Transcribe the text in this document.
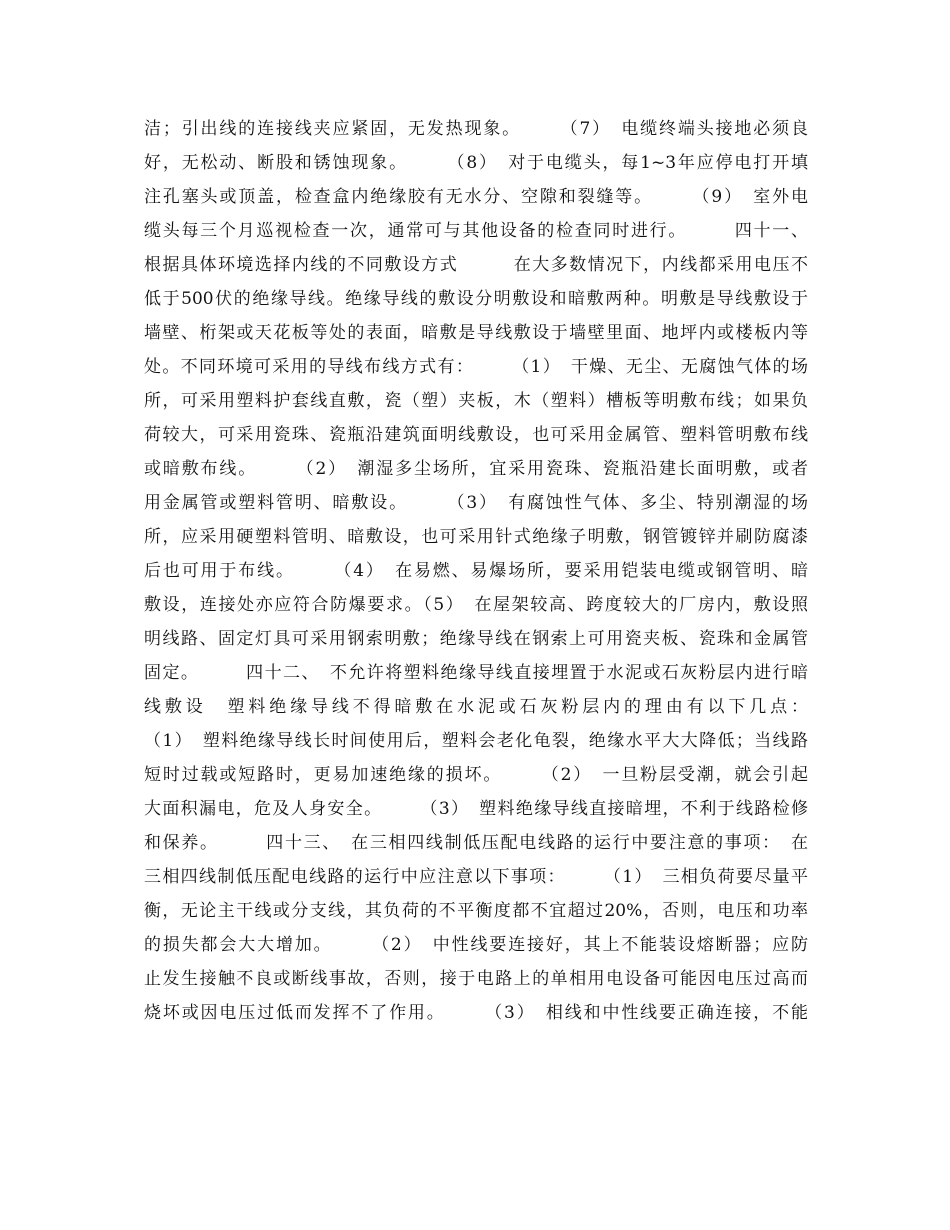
洁；引出线的连接线夹应紧固，无发热现象。　　　（7）　电缆终端头接地必须良
好，无松动、断股和锈蚀现象。　　　（8）　对于电缆头，每1~3年应停电打开填
注孔塞头或顶盖，检查盒内绝缘胶有无水分、空隙和裂缝等。　　　（9）　室外电
缆头每三个月巡视检查一次，通常可与其他设备的检查同时进行。　　　四十一、
根据具体环境选择内线的不同敷设方式　　　在大多数情况下，内线都采用电压不
低于500伏的绝缘导线。绝缘导线的敷设分明敷设和暗敷两种。明敷是导线敷设于
墙壁、桁架或天花板等处的表面，暗敷是导线敷设于墙壁里面、地坪内或楼板内等
处。不同环境可采用的导线布线方式有：　　　（1）　干燥、无尘、无腐蚀气体的场
所，可采用塑料护套线直敷，瓷（塑）夹板，木（塑料）槽板等明敷布线；如果负
荷较大，可采用瓷珠、瓷瓶沿建筑面明线敷设，也可采用金属管、塑料管明敷布线
或暗敷布线。　　　（2）　潮湿多尘场所，宜采用瓷珠、瓷瓶沿建长面明敷，或者
用金属管或塑料管明、暗敷设。　　　（3）　有腐蚀性气体、多尘、特别潮湿的场
所，应采用硬塑料管明、暗敷设，也可采用针式绝缘子明敷，钢管镀锌并刷防腐漆
后也可用于布线。　　　（4）　在易燃、易爆场所，要采用铠装电缆或钢管明、暗
敷设，连接处亦应符合防爆要求。（5）　在屋架较高、跨度较大的厂房内，敷设照
明线路、固定灯具可采用钢索明敷；绝缘导线在钢索上可用瓷夹板、瓷珠和金属管
固定。　　　四十二、　不允许将塑料绝缘导线直接埋置于水泥或石灰粉层内进行暗
线敷设　塑料绝缘导线不得暗敷在水泥或石灰粉层内的理由有以下几点：
（1）　塑料绝缘导线长时间使用后，塑料会老化龟裂，绝缘水平大大降低；当线路
短时过载或短路时，更易加速绝缘的损坏。　　　（2）　一旦粉层受潮，就会引起
大面积漏电，危及人身安全。　　　（3）　塑料绝缘导线直接暗埋，不利于线路检修
和保养。　　　四十三、　在三相四线制低压配电线路的运行中要注意的事项：　在
三相四线制低压配电线路的运行中应注意以下事项：　　　（1）　三相负荷要尽量平
衡，无论主干线或分支线，其负荷的不平衡度都不宜超过20%，否则，电压和功率
的损失都会大大增加。　　　（2）　中性线要连接好，其上不能装设熔断器；应防
止发生接触不良或断线事故，否则，接于电路上的单相用电设备可能因电压过高而
烧坏或因电压过低而发挥不了作用。　　　（3）　相线和中性线要正确连接，不能
